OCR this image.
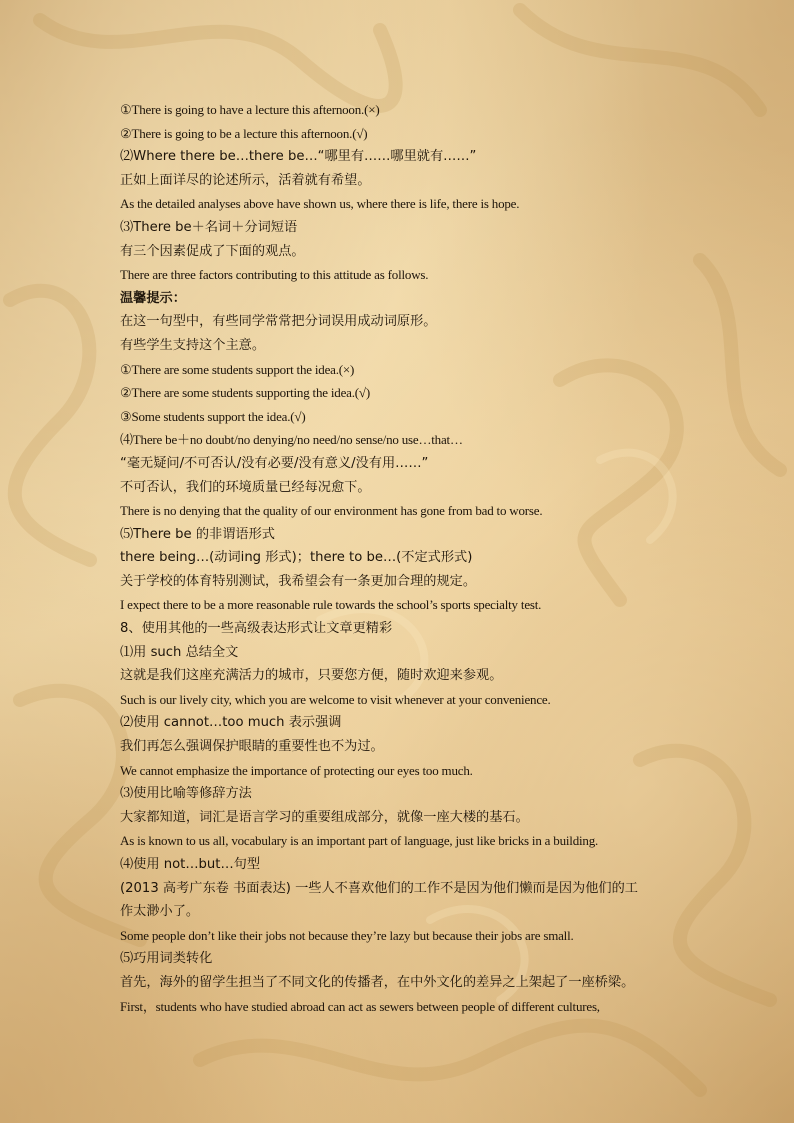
①There is going to have a lecture this afternoon.(×)
②There is going to be a lecture this afternoon.(√)
⑵Where there be…there be…“哪里有……哪里就有……”
正如上面详尽的论述所示，活着就有希望。
As the detailed analyses above have shown us, where there is life, there is hope.
⑶There be＋名词＋分词短语
有三个因素促成了下面的观点。
There are three factors contributing to this attitude as follows.
温馨提示：
在这一句型中，有些同学常常把分词误用成动词原形。
有些学生支持这个主意。
①There are some students support the idea.(×)
②There are some students supporting the idea.(√)
③Some students support the idea.(√)
⑷There be＋no doubt/no denying/no need/no sense/no use…that…
“毫无疑问/不可否认/没有必要/没有意义/没有用……”
不可否认，我们的环境质量已经每况愈下。
There is no denying that the quality of our environment has gone from bad to worse.
⑸There be 的非谓语形式
there being…(动词ing 形式)；there to be…(不定式形式)
关于学校的体育特别测试，我希望会有一条更加合理的规定。
I expect there to be a more reasonable rule towards the school’s sports specialty test.
8、使用其他的一些高级表达形式让文章更精彩
⑴用 such 总结全文
这就是我们这座充满活力的城市，只要您方便，随时欢迎来参观。
Such is our lively city, which you are welcome to visit whenever at your convenience.
⑵使用 cannot…too much 表示强调
我们再怎么强调保护眼睛的重要性也不为过。
We cannot emphasize the importance of protecting our eyes too much.
⑶使用比喻等修辞方法
大家都知道，词汇是语言学习的重要组成部分，就像一座大楼的基石。
As is known to us all, vocabulary is an important part of language, just like bricks in a building.
⑷使用 not…but…句型
(2013 高考广东卷 书面表达) 一些人不喜欢他们的工作不是因为他们懒而是因为他们的工
作太渺小了。
Some people don’t like their jobs not because they’re lazy but because their jobs are small.
⑸巧用词类转化
首先，海外的留学生担当了不同文化的传播者，在中外文化的差异之上架起了一座桥梁。
First，students who have studied abroad can act as sewers between people of different cultures,
